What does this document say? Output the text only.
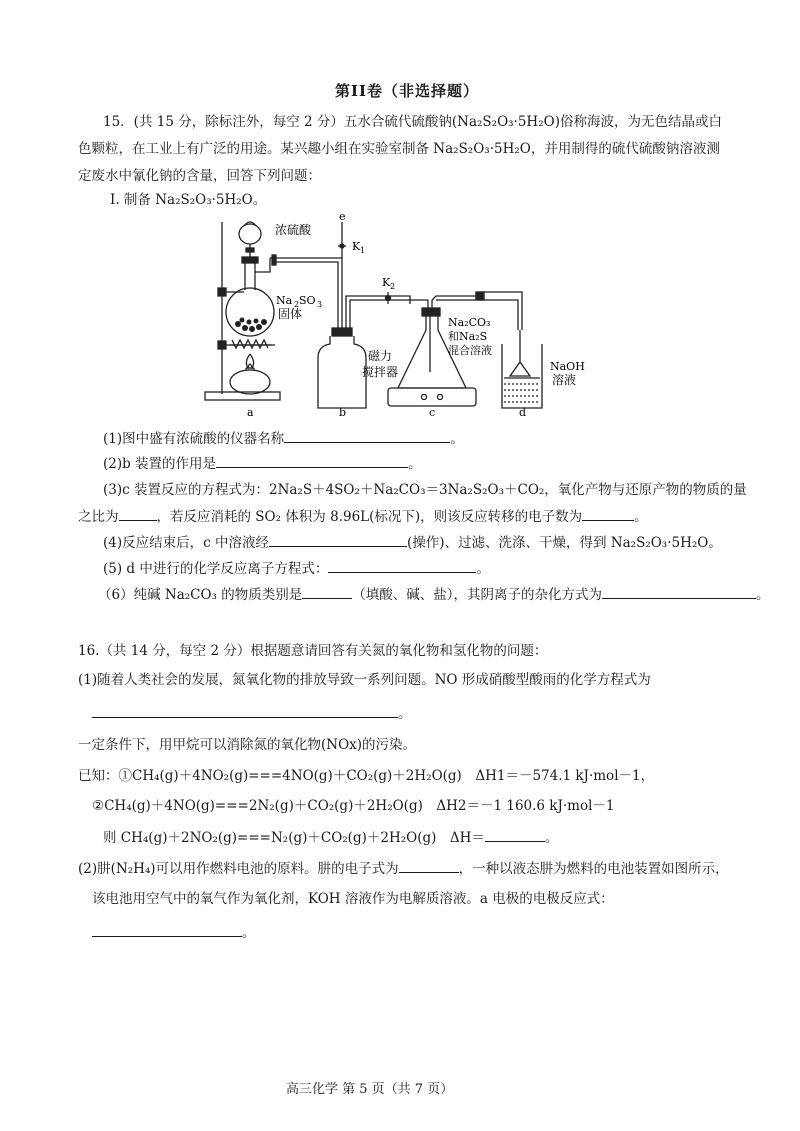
第II卷（非选择题）
15．(共 15 分，除标注外，每空 2 分）五水合硫代硫酸钠(Na₂S₂O₃·5H₂O)俗称海波，为无色结晶或白
色颗粒，在工业上有广泛的用途。某兴趣小组在实验室制备 Na₂S₂O₃·5H₂O，并用制得的硫代硫酸钠溶液测
定废水中氰化钠的含量，回答下列问题：
Ⅰ. 制备 Na₂S₂O₃·5H₂O。
浓硫酸
e
K 1
K 2
Na 2 SO 3
固体
Na₂CO₃
和Na₂S
混合溶液
磁力
搅拌器	NaOH
溶液
a	b	c	d
(1)图中盛有浓硫酸的仪器名称	。
(2)b 装置的作用是	。
(3)c 装置反应的方程式为：2Na₂S＋4SO₂＋Na₂CO₃＝3Na₂S₂O₃＋CO₂，氧化产物与还原产物的物质的量
之比为	，若反应消耗的 SO₂ 体积为 8.96L(标况下)，则该反应转移的电子数为	。
(4)反应结束后，c 中溶液经	(操作)、过滤、洗涤、干燥，得到 Na₂S₂O₃·5H₂O。
(5) d 中进行的化学反应离子方程式：	。
（6）纯碱 Na₂CO₃ 的物质类别是	（填酸、碱、盐），其阴离子的杂化方式为	。
16.（共 14 分，每空 2 分）根据题意请回答有关氮的氧化物和氢化物的问题：
(1)随着人类社会的发展，氮氧化物的排放导致一系列问题。NO 形成硝酸型酸雨的化学方程式为
。
一定条件下，用甲烷可以消除氮的氧化物(NOx)的污染。
已知：①CH₄(g)＋4NO₂(g)===4NO(g)＋CO₂(g)＋2H₂O(g)　ΔH1＝－574.1 kJ·mol－1，
②CH₄(g)＋4NO(g)===2N₂(g)＋CO₂(g)＋2H₂O(g)　ΔH2＝－1 160.6 kJ·mol－1
则 CH₄(g)＋2NO₂(g)===N₂(g)＋CO₂(g)＋2H₂O(g)　ΔH＝	。
(2)肼(N₂H₄)可以用作燃料电池的原料。肼的电子式为	，一种以液态肼为燃料的电池装置如图所示，
该电池用空气中的氧气作为氧化剂，KOH 溶液作为电解质溶液。a 电极的电极反应式：
。
高三化学 第 5 页（共 7 页）
